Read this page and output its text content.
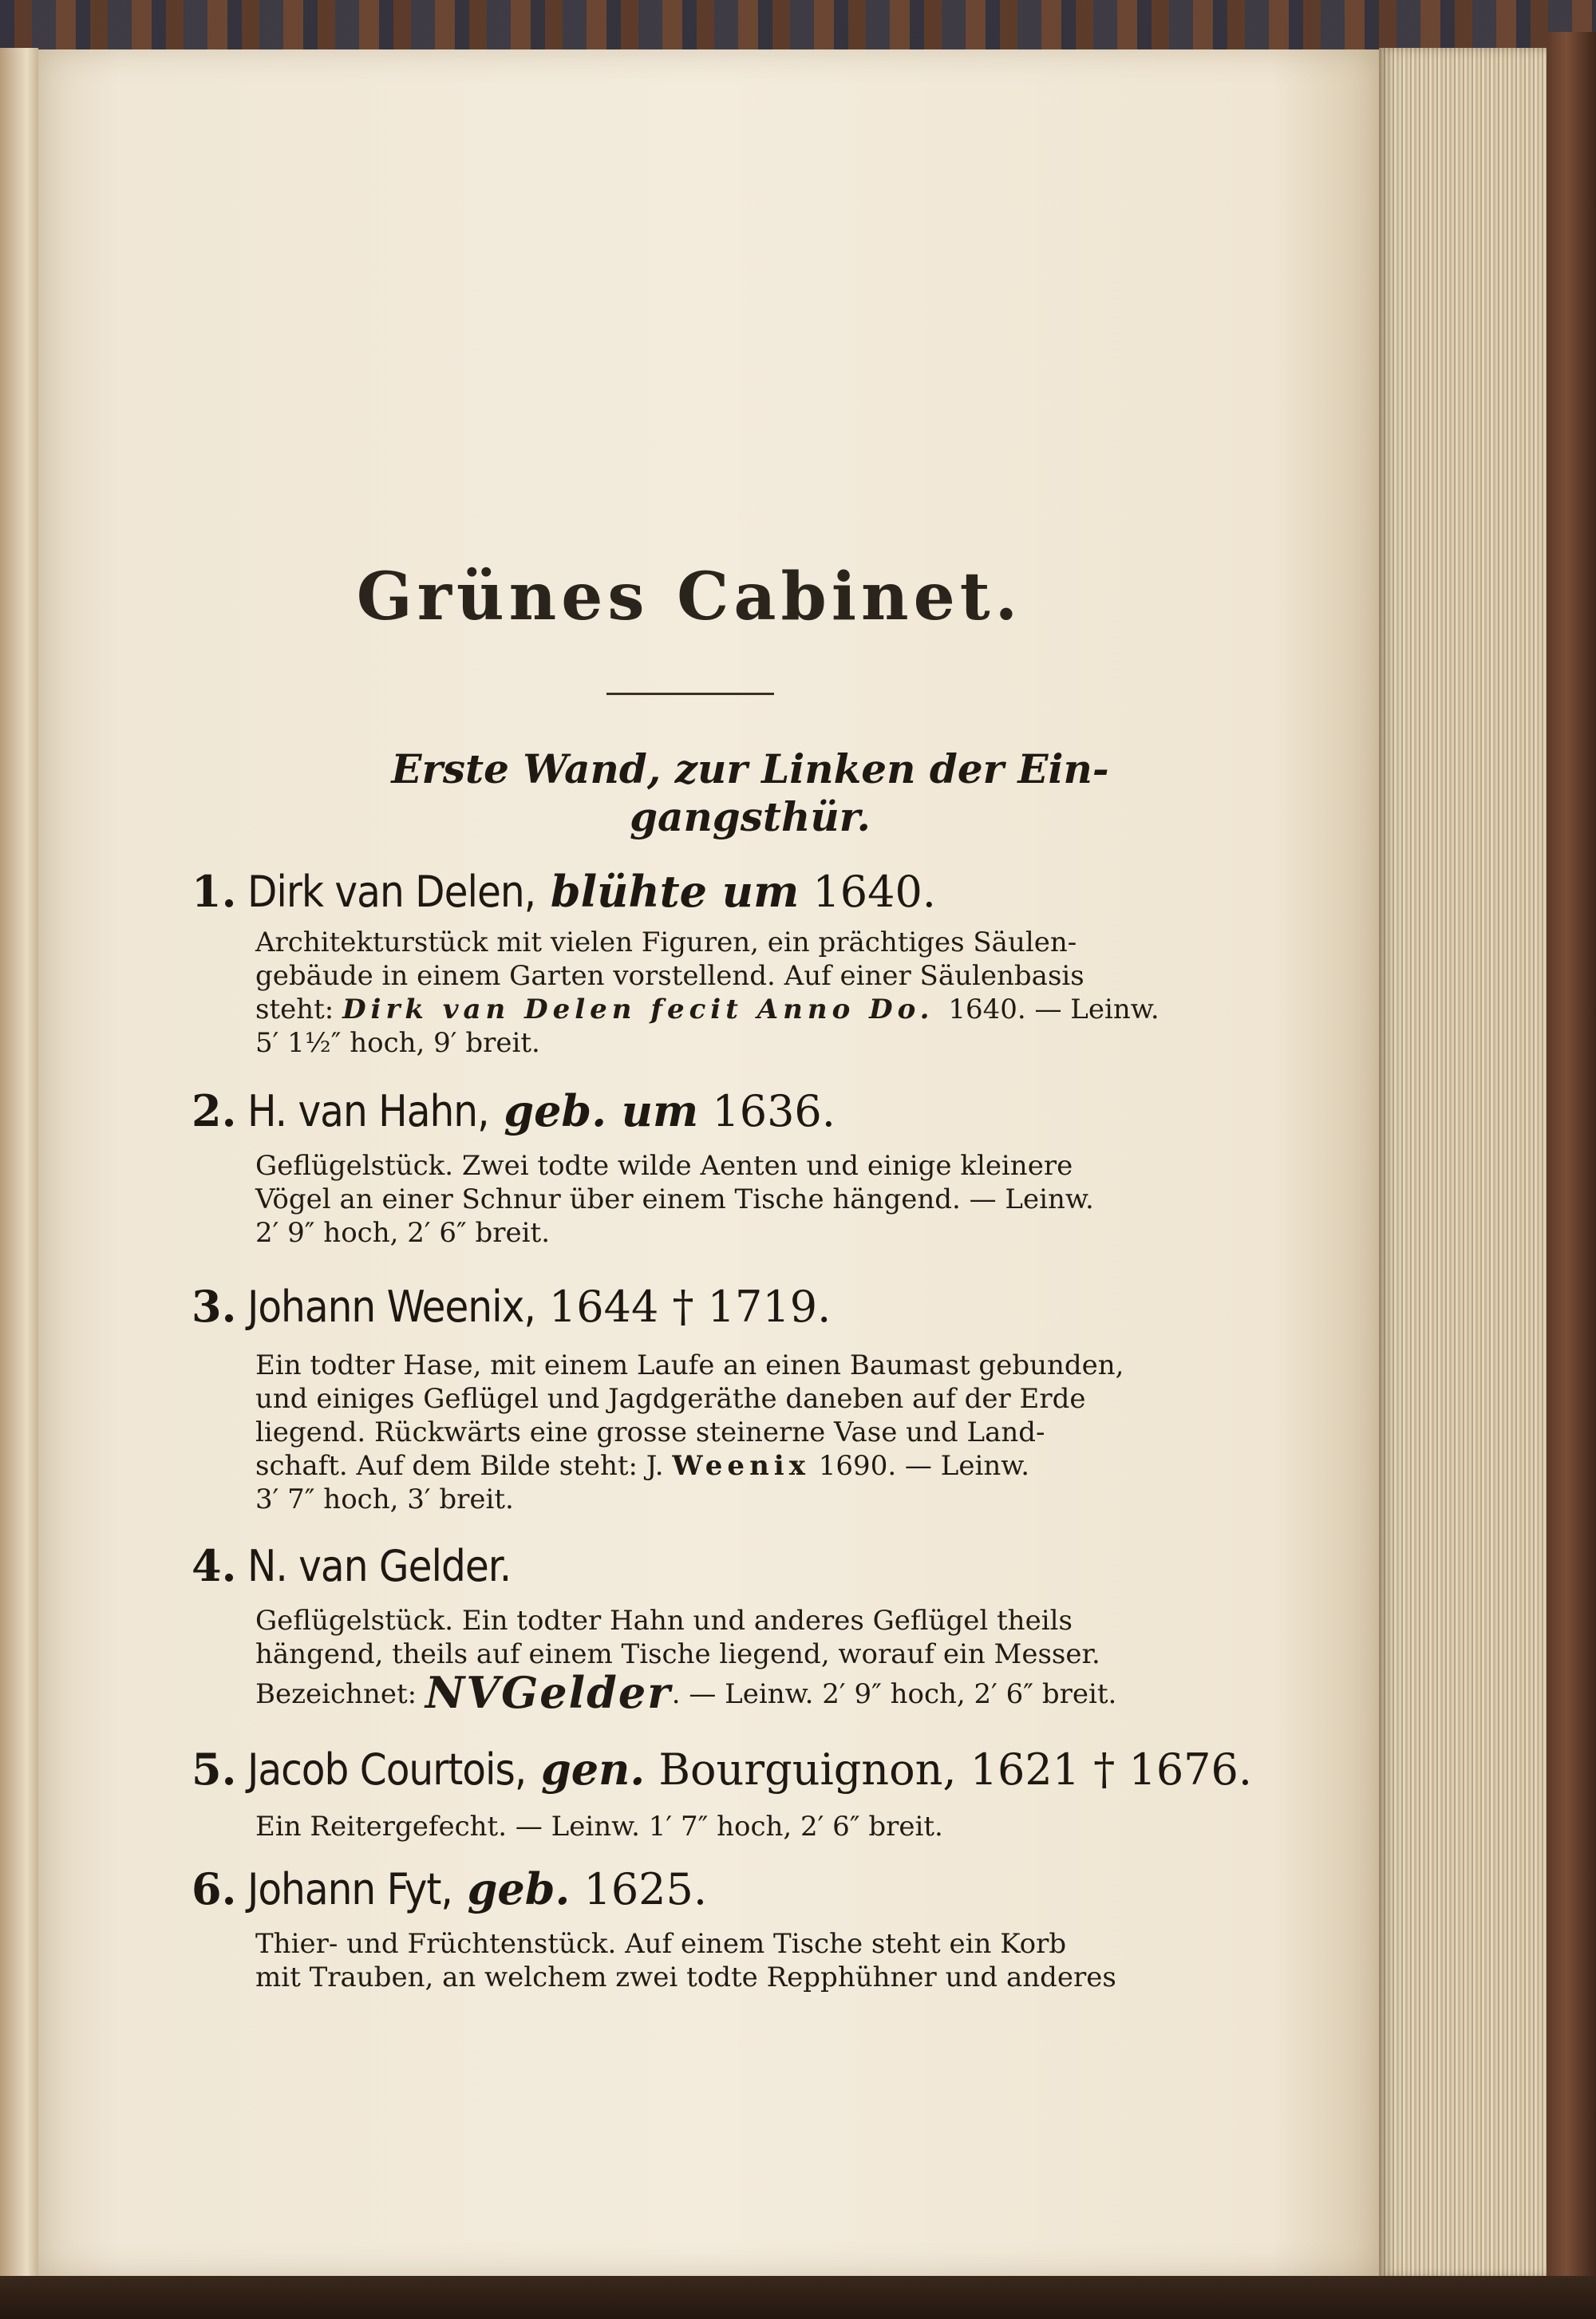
Grünes Cabinet.
Erste Wand, zur Linken der Ein-
gangsthür.
1. Dirk van Delen, blühte um 1640.
Architekturstück mit vielen Figuren, ein prächtiges Säulen-
gebäude in einem Garten vorstellend. Auf einer Säulenbasis
steht: Dirk van Delen fecit Anno Do. 1640. — Leinw.
5′ 1½″ hoch, 9′ breit.
2. H. van Hahn, geb. um 1636.
Geflügelstück. Zwei todte wilde Aenten und einige kleinere
Vögel an einer Schnur über einem Tische hängend. — Leinw.
2′ 9″ hoch, 2′ 6″ breit.
3. Johann Weenix, 1644 † 1719.
Ein todter Hase, mit einem Laufe an einen Baumast gebunden,
und einiges Geflügel und Jagdgeräthe daneben auf der Erde
liegend. Rückwärts eine grosse steinerne Vase und Land-
schaft. Auf dem Bilde steht: J. Weenix 1690. — Leinw.
3′ 7″ hoch, 3′ breit.
4. N. van Gelder.
Geflügelstück. Ein todter Hahn und anderes Geflügel theils
hängend, theils auf einem Tische liegend, worauf ein Messer.
Bezeichnet: NVGelder. — Leinw. 2′ 9″ hoch, 2′ 6″ breit.
5. Jacob Courtois, gen. Bourguignon, 1621 † 1676.
Ein Reitergefecht. — Leinw. 1′ 7″ hoch, 2′ 6″ breit.
6. Johann Fyt, geb. 1625.
Thier- und Früchtenstück. Auf einem Tische steht ein Korb
mit Trauben, an welchem zwei todte Repphühner und anderes
